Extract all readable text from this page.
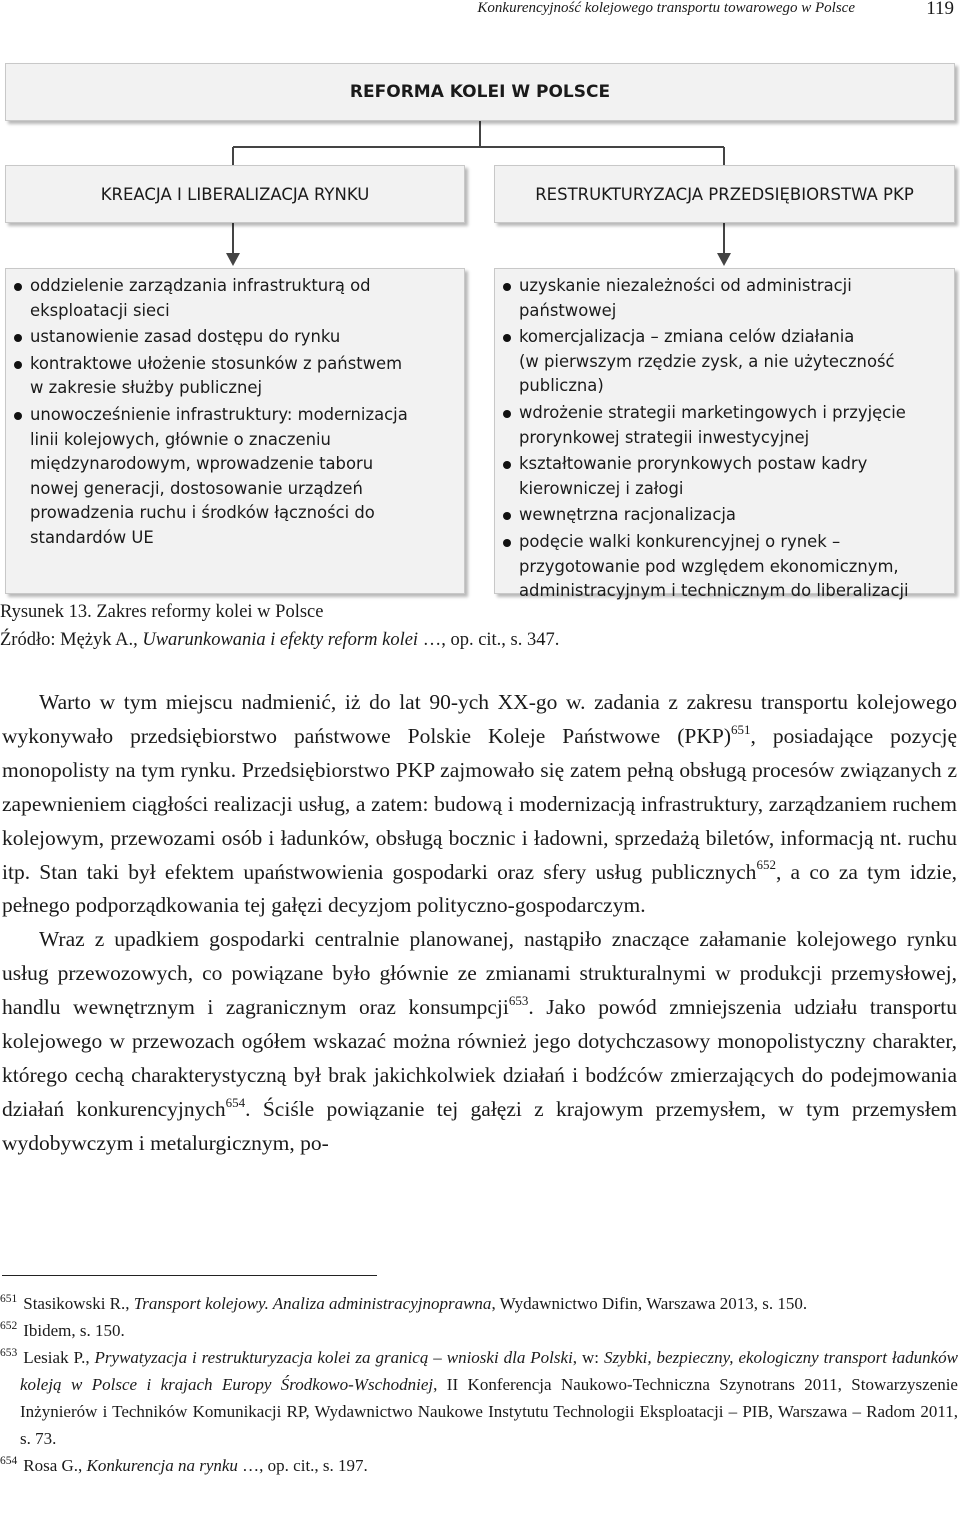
Konkurencyjność kolejowego transportu towarowego w Polsce	119
REFORMA KOLEI W POLSCE
KREACJA I LIBERALIZACJA RYNKU	RESTRUKTURYZACJA PRZEDSIĘBIORSTWA PKP
oddzielenie zarządzania infrastrukturą od
eksploatacji sieci
ustanowienie zasad dostępu do rynku
kontraktowe ułożenie stosunków z państwem
w zakresie służby publicznej
unowocześnienie infrastruktury: modernizacja
linii kolejowych, głównie o znaczeniu
międzynarodowym, wprowadzenie taboru
nowej generacji, dostosowanie urządzeń
prowadzenia ruchu i środków łączności do
standardów UE
uzyskanie niezależności od administracji
państwowej
komercjalizacja – zmiana celów działania
(w pierwszym rzędzie zysk, a nie użyteczność
publiczna)
wdrożenie strategii marketingowych i przyjęcie
prorynkowej strategii inwestycyjnej
kształtowanie prorynkowych postaw kadry
kierowniczej i załogi
wewnętrzna racjonalizacja
podęcie walki konkurencyjnej o rynek –
przygotowanie pod względem ekonomicznym,
administracyjnym i technicznym do liberalizacji
Rysunek 13. Zakres reformy kolei w Polsce
Źródło: Mężyk A., Uwarunkowania i efekty reform kolei …, op. cit., s. 347.

Warto w tym miejscu nadmienić, iż do lat 90-ych XX-go w. zadania z zakresu transportu kolejowego wykonywało przedsiębiorstwo państwowe Polskie Koleje Państwowe (PKP)$^{651}$, posiadające pozycję monopolisty na tym rynku. Przedsiębiorstwo PKP zajmowało się zatem pełną obsługą procesów związanych z zapewnieniem ciągłości realizacji usług, a zatem: budową i modernizacją infrastruktury, zarządzaniem ruchem kolejowym, przewozami osób i ładunków, obsługą bocznic i ładowni, sprzedażą biletów, informacją nt. ruchu itp. Stan taki był efektem upaństwowienia gospodarki oraz sfery usług publicznych$^{652}$, a co za tym idzie, pełnego podporządkowania tej gałęzi decyzjom polityczno-gospodarczym.

Wraz z upadkiem gospodarki centralnie planowanej, nastąpiło znaczące załamanie kolejowego rynku usług przewozowych, co powiązane było głównie ze zmianami strukturalnymi w produkcji przemysłowej, handlu wewnętrznym i zagranicznym oraz konsumpcji$^{653}$. Jako powód zmniejszenia udziału transportu kolejowego w przewozach ogółem wskazać można również jego dotychczasowy monopolistyczny charakter, którego cechą charakterystyczną był brak jakichkolwiek działań i bodźców zmierzających do podejmowania działań konkurencyjnych$^{654}$. Ściśle powiązanie tej gałęzi z krajowym przemysłem, w tym przemysłem wydobywczym i metalurgicznym, po-

$^{651}$ Stasikowski R., Transport kolejowy. Analiza administracyjnoprawna, Wydawnictwo Difin, Warszawa 2013, s. 150.

$^{652}$ Ibidem, s. 150.

$^{653}$ Lesiak P., Prywatyzacja i restrukturyzacja kolei za granicą – wnioski dla Polski, w: Szybki, bezpieczny, ekologiczny transport ładunków koleją w Polsce i krajach Europy Środkowo-Wschodniej, II Konferencja Naukowo-Techniczna Szynotrans 2011, Stowarzyszenie Inżynierów i Techników Komunikacji RP, Wydawnictwo Naukowe Instytutu Technologii Eksploatacji – PIB, Warszawa – Radom 2011, s. 73.

$^{654}$ Rosa G., Konkurencja na rynku …, op. cit., s. 197.
